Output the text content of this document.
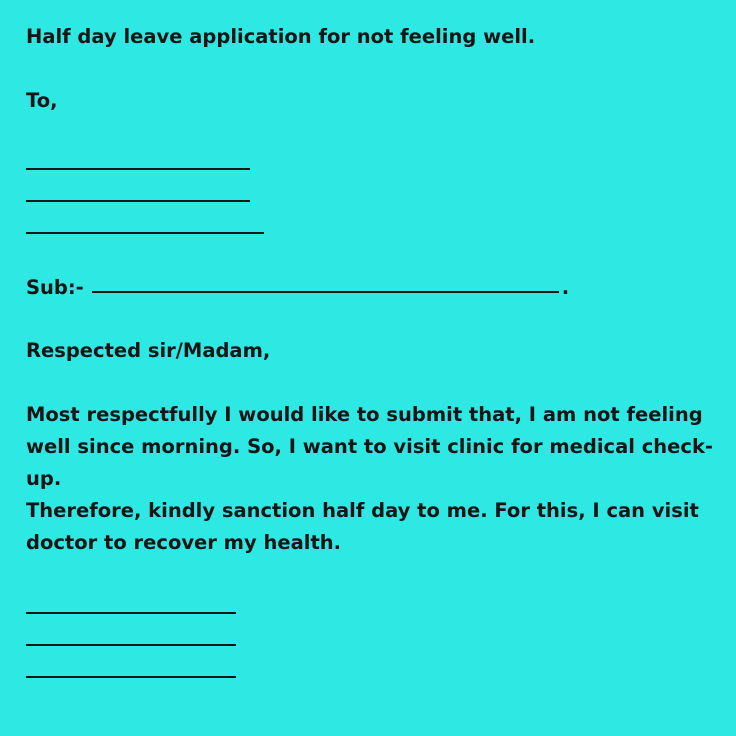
Half day leave application for not feeling well.
To,
Sub:-	.
Respected sir/Madam,

Most respectfully I would like to submit that, I am not feeling well since morning. So, I want to visit clinic for medical check-up.

Therefore, kindly sanction half day to me. For this, I can visit doctor to recover my health.
